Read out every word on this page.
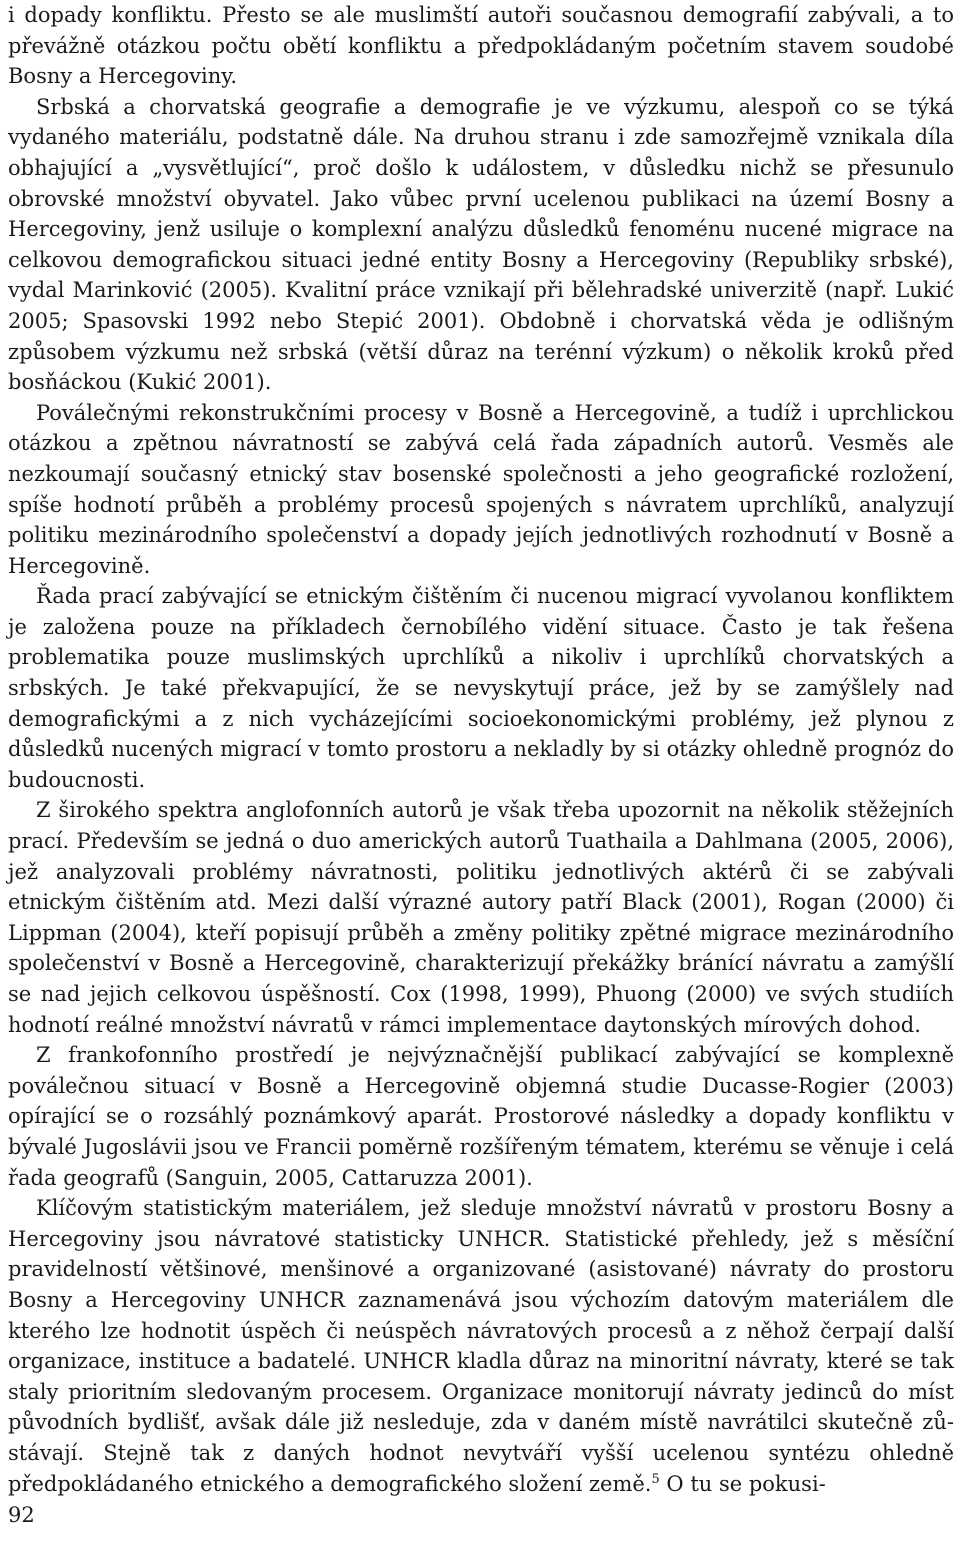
i dopady konfliktu. Přesto se ale muslimští autoři současnou demografií zabývali, a to převážně otázkou počtu obětí konfliktu a předpokládaným početním stavem soudobé Bosny a Hercegoviny.

Srbská a chorvatská geografie a demografie je ve výzkumu, alespoň co se týká vydaného materiálu, podstatně dále. Na druhou stranu i zde samozřejmě vznikala díla obhajující a „vysvětlující“, proč došlo k událostem, v důsledku nichž se přesunulo obrovské množství obyvatel. Jako vůbec první ucelenou publikaci na území Bosny a Hercegoviny, jenž usiluje o komplexní analýzu důsledků fenoménu nucené migrace na celkovou demografickou situaci jedné entity Bosny a Hercegoviny (Republiky srbské), vydal Marinković (2005). Kvalitní práce vznikají při bělehradské univerzitě (např. Lukić 2005; Spasovski 1992 nebo Stepić 2001). Obdobně i chorvatská věda je odlišným způsobem výzkumu než srbská (větší důraz na terénní výzkum) o několik kroků před bosňáckou (Kukić 2001).

Poválečnými rekonstrukčními procesy v Bosně a Hercegovině, a tudíž i uprchlickou otázkou a zpětnou návratností se zabývá celá řada západních autorů. Vesměs ale nezkoumají současný etnický stav bosenské společnosti a jeho geografické rozložení, spíše hodnotí průběh a problémy procesů spojených s návratem uprchlíků, analyzují politiku mezinárodního společenství a dopady jejích jednotlivých rozhodnutí v Bosně a Hercegovině.

Řada prací zabývající se etnickým čištěním či nucenou migrací vyvolanou konfliktem je založena pouze na příkladech černobílého vidění situace. Často je tak řešena problematika pouze muslimských uprchlíků a nikoliv i uprchlíků chorvatských a srbských. Je také překvapující, že se nevyskytují práce, jež by se zamýšlely nad demografickými a z nich vycházejícími socioekonomickými problémy, jež plynou z důsledků nucených migrací v tomto prostoru a nekladly by si otázky ohledně prognóz do budoucnosti.

Z širokého spektra anglofonních autorů je však třeba upozornit na několik stěžejních prací. Především se jedná o duo amerických autorů Tuathaila a Dahlmana (2005, 2006), jež analyzovali problémy návratnosti, politiku jednotlivých aktérů či se zabývali etnickým čištěním atd. Mezi další výrazné autory patří Black (2001), Rogan (2000) či Lippman (2004), kteří popisují průběh a změny politiky zpětné migrace mezinárodního společenství v Bosně a Hercegovině, charakterizují překážky bránící návratu a zamýšlí se nad jejich celkovou úspěšností. Cox (1998, 1999), Phuong (2000) ve svých studiích hodnotí reálné množství návratů v rámci implementace daytonských mírových dohod.

Z frankofonního prostředí je nejvýznačnější publikací zabývající se komplexně poválečnou situací v Bosně a Hercegovině objemná studie Ducasse-Rogier (2003) opírající se o rozsáhlý poznámkový aparát. Prostorové následky a dopady konfliktu v bývalé Jugoslávii jsou ve Francii poměrně rozšířeným tématem, kterému se věnuje i celá řada geografů (Sanguin, 2005, Cattaruzza 2001).

Klíčovým statistickým materiálem, jež sleduje množství návratů v prostoru Bosny a Hercegoviny jsou návratové statisticky UNHCR. Statistické přehledy, jež s měsíční pravidelností většinové, menšinové a organizované (asistované) návraty do prostoru Bosny a Hercegoviny UNHCR zaznamenává jsou výchozím datovým materiálem dle kterého lze hodnotit úspěch či neúspěch návratových procesů a z něhož čerpají další organizace, instituce a badatelé. UNHCR kladla důraz na minoritní návraty, které se tak staly prioritním sledovaným procesem. Organizace monitorují návraty jedinců do míst původních bydlišť, avšak dále již nesleduje, zda v daném místě navrátilci skutečně zůstávají. Stejně tak z daných hodnot nevytváří vyšší ucelenou syntézu ohledně předpokládaného etnického a demografického složení země.$^5$ O tu se pokusi-

92
